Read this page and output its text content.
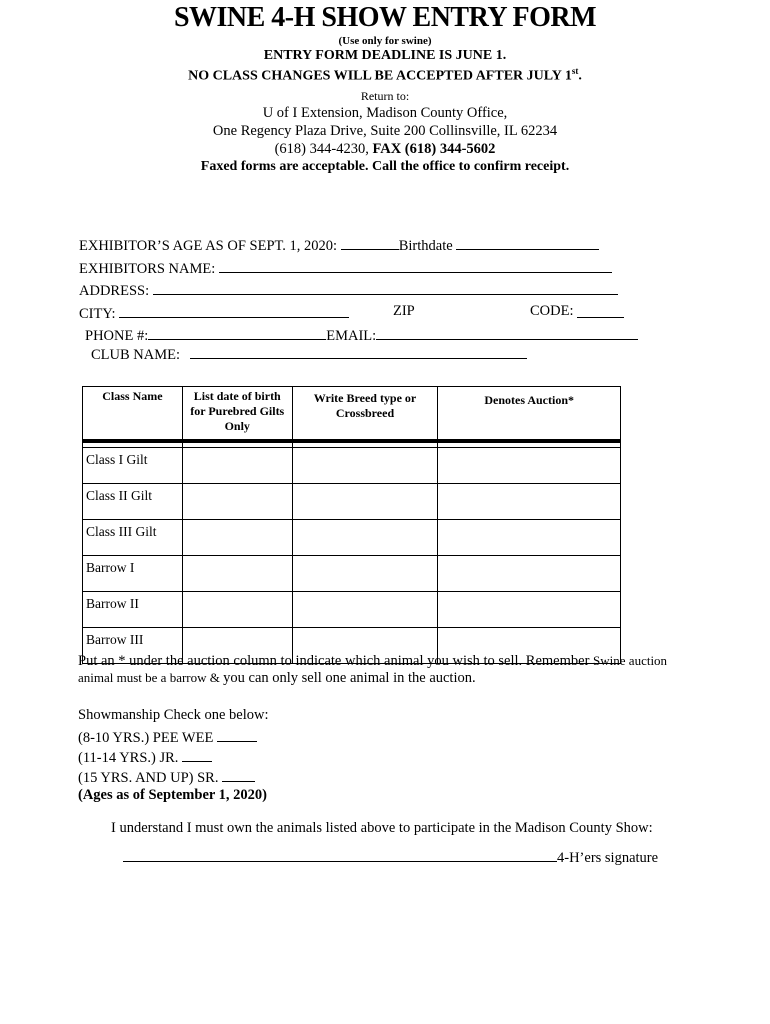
SWINE 4-H SHOW ENTRY FORM
(Use only for swine)
ENTRY FORM DEADLINE IS JUNE 1.
NO CLASS CHANGES WILL BE ACCEPTED AFTER JULY 1st.
Return to:
U of I Extension, Madison County Office,
One Regency Plaza Drive, Suite 200 Collinsville, IL 62234
(618) 344-4230, FAX (618) 344-5602
Faxed forms are acceptable. Call the office to confirm receipt.
EXHIBITOR’S AGE AS OF SEPT. 1, 2020:	Birthdate
EXHIBITORS NAME:
ADDRESS:
CITY:	ZIP	CODE:
PHONE #:	EMAIL:
CLUB NAME:
Class Name	List date of birth for Purebred Gilts Only	Write Breed type or Crossbreed	Denotes Auction*

Class I Gilt			
Class II Gilt			
Class III Gilt			
Barrow I			
Barrow II			
Barrow III			
Put an * under the auction column to indicate which animal you wish to sell. Remember Swine auction
animal must be a barrow & you can only sell one animal in the auction.
Showmanship Check one below:
(8-10 YRS.) PEE WEE
(11-14 YRS.) JR.
(15 YRS. AND UP) SR.
(Ages as of September 1, 2020)
I understand I must own the animals listed above to participate in the Madison County Show:
4-H’ers signature
